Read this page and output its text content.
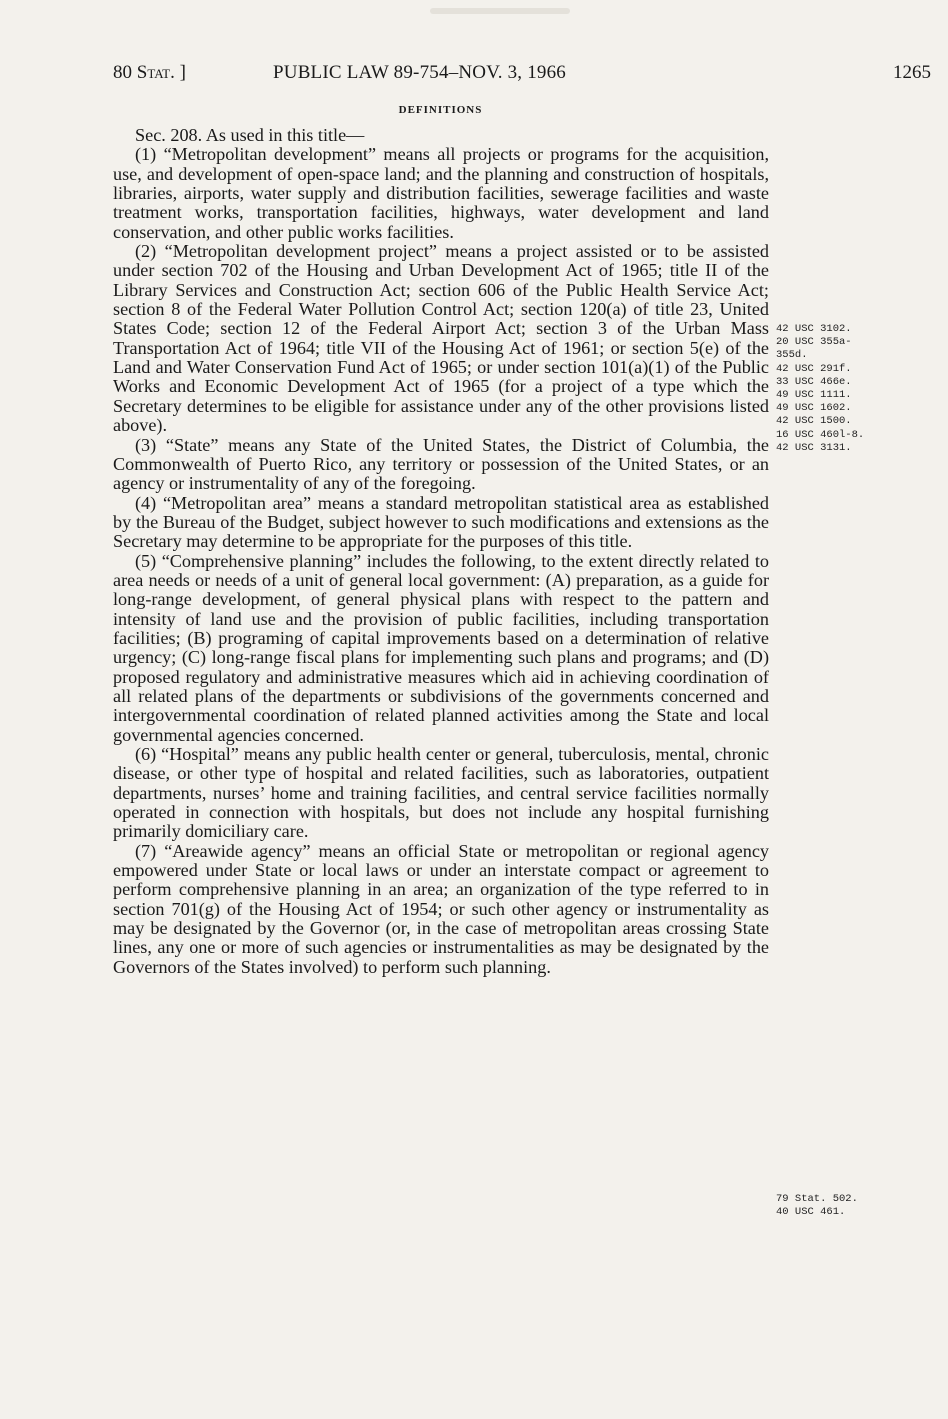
80 Stat. ]	PUBLIC LAW 89-754–NOV. 3, 1966	1265
DEFINITIONS

Sec. 208. As used in this title—

(1) “Metropolitan development” means all projects or programs for the acquisition, use, and development of open-space land; and the planning and construction of hospitals, libraries, airports, water supply and distribution facilities, sewerage facilities and waste treatment works, transportation facilities, highways, water development and land conservation, and other public works facilities.

(2) “Metropolitan development project” means a project assisted or to be assisted under section 702 of the Housing and Urban Development Act of 1965; title II of the Library Services and Construction Act; section 606 of the Public Health Service Act; section 8 of the Federal Water Pollution Control Act; section 120(a) of title 23, United States Code; section 12 of the Federal Airport Act; section 3 of the Urban Mass Transportation Act of 1964; title VII of the Housing Act of 1961; or section 5(e) of the Land and Water Conservation Fund Act of 1965; or under section 101(a)(1) of the Public Works and Economic Development Act of 1965 (for a project of a type which the Secretary determines to be eligible for assistance under any of the other provisions listed above).

(3) “State” means any State of the United States, the District of Columbia, the Commonwealth of Puerto Rico, any territory or possession of the United States, or an agency or instrumentality of any of the foregoing.

(4) “Metropolitan area” means a standard metropolitan statistical area as established by the Bureau of the Budget, subject however to such modifications and extensions as the Secretary may determine to be appropriate for the purposes of this title.

(5) “Comprehensive planning” includes the following, to the extent directly related to area needs or needs of a unit of general local government: (A) preparation, as a guide for long-range development, of general physical plans with respect to the pattern and intensity of land use and the provision of public facilities, including transportation facilities; (B) programing of capital improvements based on a determination of relative urgency; (C) long-range fiscal plans for implementing such plans and programs; and (D) proposed regulatory and administrative measures which aid in achieving coordination of all related plans of the departments or subdivisions of the governments concerned and intergovernmental coordination of related planned activities among the State and local governmental agencies concerned.

(6) “Hospital” means any public health center or general, tuberculosis, mental, chronic disease, or other type of hospital and related facilities, such as laboratories, outpatient departments, nurses’ home and training facilities, and central service facilities normally operated in connection with hospitals, but does not include any hospital furnishing primarily domiciliary care.

(7) “Areawide agency” means an official State or metropolitan or regional agency empowered under State or local laws or under an interstate compact or agreement to perform comprehensive planning in an area; an organization of the type referred to in section 701(g) of the Housing Act of 1954; or such other agency or instrumentality as may be designated by the Governor (or, in the case of metropolitan areas crossing State lines, any one or more of such agencies or instrumentalities as may be designated by the Governors of the States involved) to perform such planning.

42 USC 3102.
20 USC 355a-
355d.
42 USC 291f.
33 USC 466e.
49 USC 1111.
49 USC 1602.
42 USC 1500.
16 USC 460l-8.
42 USC 3131.
79 Stat. 502.
40 USC 461.
